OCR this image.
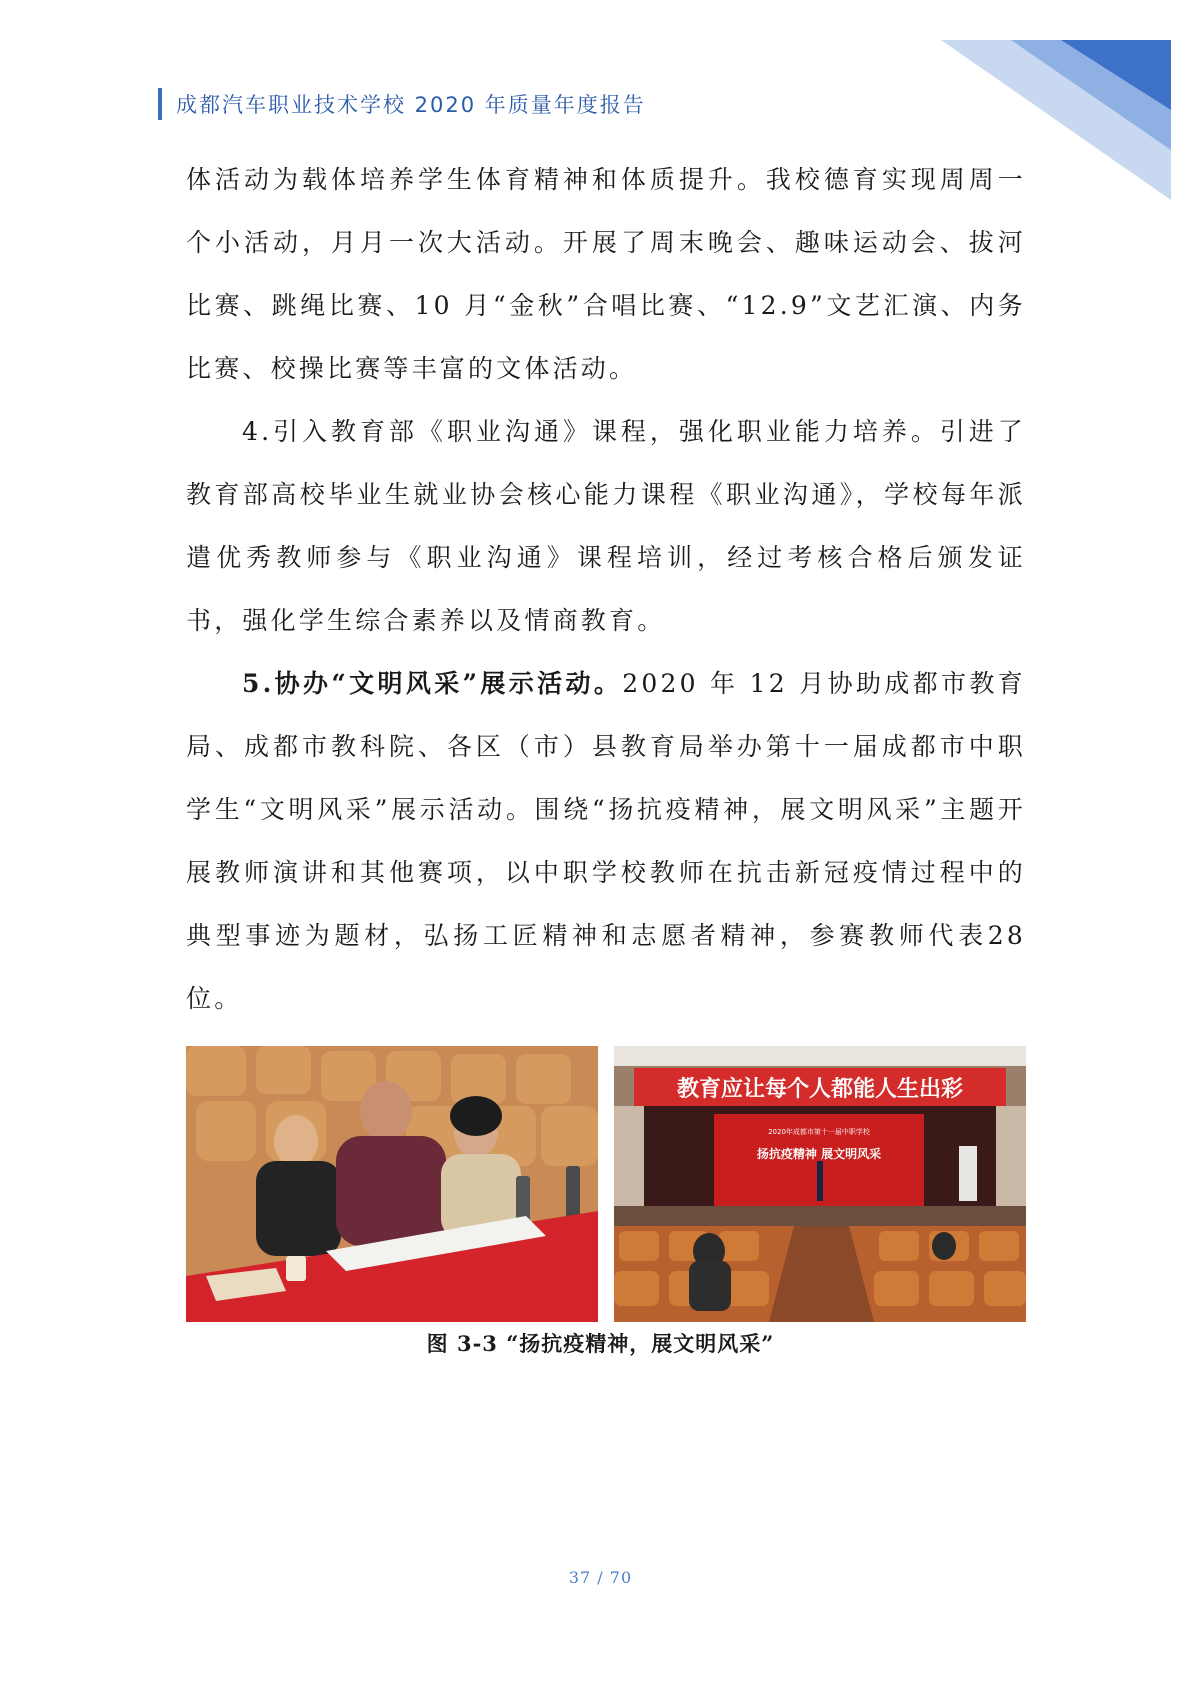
成都汽车职业技术学校 2020 年质量年度报告

体活动为载体培养学生体育精神和体质提升。我校德育实现周周一个小活动，月月一次大活动。开展了周末晚会、趣味运动会、拔河比赛、跳绳比赛、10 月“金秋”合唱比赛、“12.9”文艺汇演、内务比赛、校操比赛等丰富的文体活动。

4.引入教育部《职业沟通》课程，强化职业能力培养。引进了教育部高校毕业生就业协会核心能力课程《职业沟通》，学校每年派遣优秀教师参与《职业沟通》课程培训，经过考核合格后颁发证书，强化学生综合素养以及情商教育。

5.协办“文明风采”展示活动。2020 年 12 月协助成都市教育局、成都市教科院、各区（市）县教育局举办第十一届成都市中职学生“文明风采”展示活动。围绕“扬抗疫精神，展文明风采”主题开展教师演讲和其他赛项，以中职学校教师在抗击新冠疫情过程中的典型事迹为题材，弘扬工匠精神和志愿者精神，参赛教师代表28 位。

教育应让每个人都能人生出彩
2020年成都市第十一届中职学校
扬抗疫精神 展文明风采
图 3-3 “扬抗疫精神，展文明风采”
37 / 70
